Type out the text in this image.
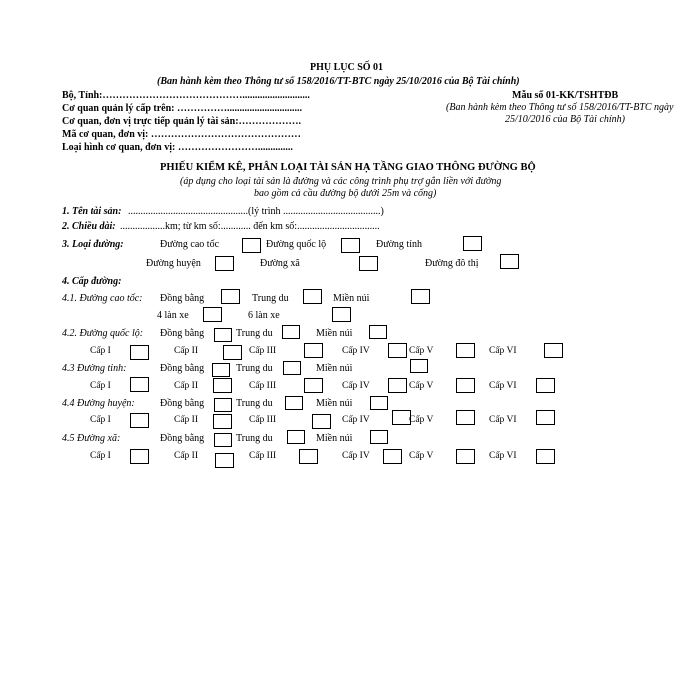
PHỤ LỤC SỐ 01
(Ban hành kèm theo Thông tư số 158/2016/TT-BTC ngày 25/10/2016 của Bộ Tài chính)
Bộ, Tỉnh:……………………………………...........................
Cơ quan quản lý cấp trên: ……………..............................
Cơ quan, đơn vị trực tiếp quản lý tài sản:……………….
Mã cơ quan, đơn vị: ………………………………………
Loại hình cơ quan, đơn vị: ……………………..............
Mẫu số 01-KK/TSHTĐB
(Ban hành kèm theo Thông tư số 158/2016/TT-BTC ngày
25/10/2016 của Bộ Tài chính)
PHIẾU KIỂM KÊ, PHÂN LOẠI TÀI SẢN HẠ TẦNG GIAO THÔNG ĐƯỜNG BỘ
(áp dụng cho loại tài sản là đường và các công trình phụ trợ gắn liền với đường
bao gồm cả cầu đường bộ dưới 25m và cống)
1. Tên tài sản: ................................................(lý trình .......................................)
2. Chiều dài: ..................km; từ km số:............ đến km số:.................................
3. Loại đường:	Đường cao tốc	Đường quốc lộ	Đường tỉnh
Đường huyện	Đường xã	Đường đô thị
4. Cấp đường:
4.1. Đường cao tốc: Đồng bằng	Trung du	Miền núi
4 làn xe	6 làn xe
4.2. Đường quốc lộ: Đồng bằng	Trung du	Miền núi
Cấp I	Cấp II	Cấp III	Cấp IV	Cấp V	Cấp VI
4.3 Đường tỉnh:	Đồng bằng	Trung du	Miền núi
Cấp I	Cấp II	Cấp III	Cấp IV	Cấp V	Cấp VI
4.4 Đường huyện:	Đồng bằng	Trung du	Miền núi
Cấp I	Cấp II	Cấp III	Cấp IV	Cấp V	Cấp VI
4.5 Đường xã:	Đồng bằng	Trung du	Miền núi
Cấp I	Cấp II	Cấp III	Cấp IV	Cấp V	Cấp VI
